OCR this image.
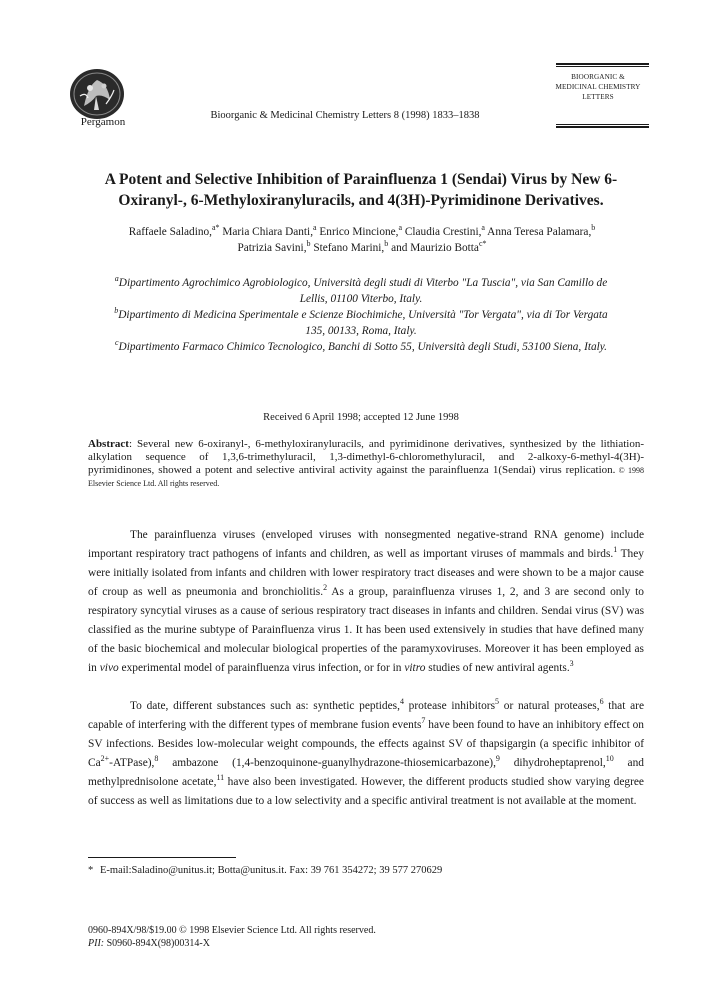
Pergamon
Bioorganic & Medicinal Chemistry Letters 8 (1998) 1833–1838
BIOORGANIC &
MEDICINAL CHEMISTRY
LETTERS
A Potent and Selective Inhibition of Parainfluenza 1 (Sendai) Virus by New 6-
Oxiranyl-, 6-Methyloxiranyluracils, and 4(3H)-Pyrimidinone Derivatives.
Raffaele Saladino,$^{a*}$ Maria Chiara Danti,$^a$ Enrico Mincione,$^a$ Claudia Crestini,$^a$ Anna Teresa Palamara,$^b$
Patrizia Savini,$^b$ Stefano Marini,$^b$ and Maurizio Botta$^{c*}$

$^a$Dipartimento Agrochimico Agrobiologico, Università degli studi di Viterbo "La Tuscia", via San Camillo de

Lellis, 01100 Viterbo, Italy.

$^b$Dipartimento di Medicina Sperimentale e Scienze Biochimiche, Università "Tor Vergata", via di Tor Vergata

135, 00133, Roma, Italy.

$^c$Dipartimento Farmaco Chimico Tecnologico, Banchi di Sotto 55, Università degli Studi, 53100 Siena, Italy.

Received 6 April 1998; accepted 12 June 1998
Abstract: Several new 6-oxiranyl-, 6-methyloxiranyluracils, and pyrimidinone derivatives, synthesized by the lithiation-alkylation sequence of 1,3,6-trimethyluracil, 1,3-dimethyl-6-chloromethyluracil, and 2-alkoxy-6-methyl-4(3H)-pyrimidinones, showed a potent and selective antiviral activity against the parainfluenza 1(Sendai) virus replication. © 1998 Elsevier Science Ltd. All rights reserved.

The parainfluenza viruses (enveloped viruses with nonsegmented negative-strand RNA genome) include important respiratory tract pathogens of infants and children, as well as important viruses of mammals and birds.$^1$ They were initially isolated from infants and children with lower respiratory tract diseases and were shown to be a major cause of croup as well as pneumonia and bronchiolitis.$^2$ As a group, parainfluenza viruses 1, 2, and 3 are second only to respiratory syncytial viruses as a cause of serious respiratory tract diseases in infants and children. Sendai virus (SV) was classified as the murine subtype of Parainfluenza virus 1. It has been used extensively in studies that have defined many of the basic biochemical and molecular biological properties of the paramyxoviruses. Moreover it has been employed as in vivo experimental model of parainfluenza virus infection, or for in vitro studies of new antiviral agents.$^3$

To date, different substances such as: synthetic peptides,$^4$ protease inhibitors$^5$ or natural proteases,$^6$ that are capable of interfering with the different types of membrane fusion events$^7$ have been found to have an inhibitory effect on SV infections. Besides low-molecular weight compounds, the effects against SV of thapsigargin (a specific inhibitor of $Ca^{2+}-ATPase),^8$ ambazone (1,4-benzoquinone-guanylhydrazone-thiosemicarbazone),$^9$ dihydroheptaprenol,$^{10}$ and methylprednisolone acetate,$^{11}$ have also been investigated. However, the different products studied show varying degree of success as well as limitations due to a low selectivity and a specific antiviral treatment is not available at the moment.

* E-mail:Saladino@unitus.it; Botta@unitus.it. Fax: 39 761 354272; 39 577 270629
0960-894X/98/$19.00 © 1998 Elsevier Science Ltd. All rights reserved.
PII: S0960-894X(98)00314-X
